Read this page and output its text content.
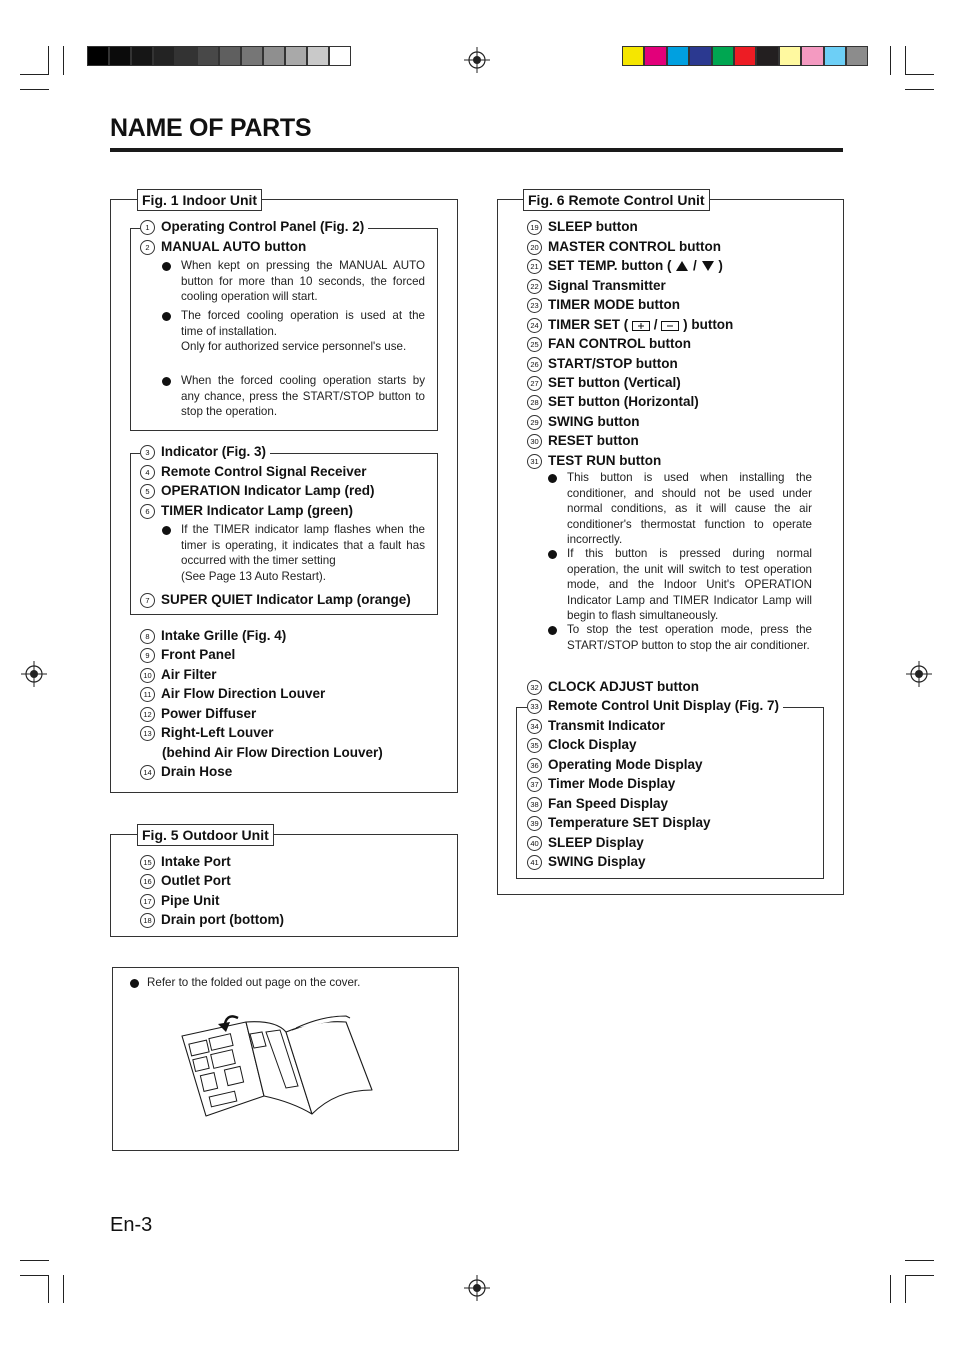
NAME OF PARTS
Fig. 1 Indoor Unit
1 Operating Control Panel (Fig. 2)
2 MANUAL AUTO button
When kept on pressing the MANUAL AUTO button for more than 10 seconds, the forced cooling operation will start.
The forced cooling operation is used at the time of installation.
Only for authorized service personnel's use.
When the forced cooling operation starts by any chance, press the START/STOP button to stop the operation.
3 Indicator (Fig. 3)
4 Remote Control Signal Receiver
5 OPERATION Indicator Lamp (red)
6 TIMER Indicator Lamp (green)
If the TIMER indicator lamp flashes when the timer is operating, it indicates that a fault has occurred with the timer setting
(See Page 13 Auto Restart).
7 SUPER QUIET Indicator Lamp (orange)
8 Intake Grille (Fig. 4)
9 Front Panel
10 Air Filter
11 Air Flow Direction Louver
12 Power Diffuser
13 Right-Left Louver
(behind Air Flow Direction Louver)
14 Drain Hose
Fig. 5 Outdoor Unit
15 Intake Port
16 Outlet Port
17 Pipe Unit
18 Drain port (bottom)
Refer to the folded out page on the cover.
Fig. 6 Remote Control Unit
19 SLEEP button
20 MASTER CONTROL button
21 SET TEMP. button ( / )
22 Signal Transmitter
23 TIMER MODE button
24 TIMER SET ( / ) button
25 FAN CONTROL button
26 START/STOP button
27 SET button (Vertical)
28 SET button (Horizontal)
29 SWING button
30 RESET button
31 TEST RUN button
This button is used when installing the conditioner, and should not be used under normal conditions, as it will cause the air conditioner's thermostat function to operate incorrectly.
If this button is pressed during normal operation, the unit will switch to test operation mode, and the Indoor Unit's OPERATION Indicator Lamp and TIMER Indicator Lamp will begin to flash simultaneously.
To stop the test operation mode, press the START/STOP button to stop the air conditioner.
32 CLOCK ADJUST button
33 Remote Control Unit Display (Fig. 7)
34 Transmit Indicator
35 Clock Display
36 Operating Mode Display
37 Timer Mode Display
38 Fan Speed Display
39 Temperature SET Display
40 SLEEP Display
41 SWING Display
En-3
